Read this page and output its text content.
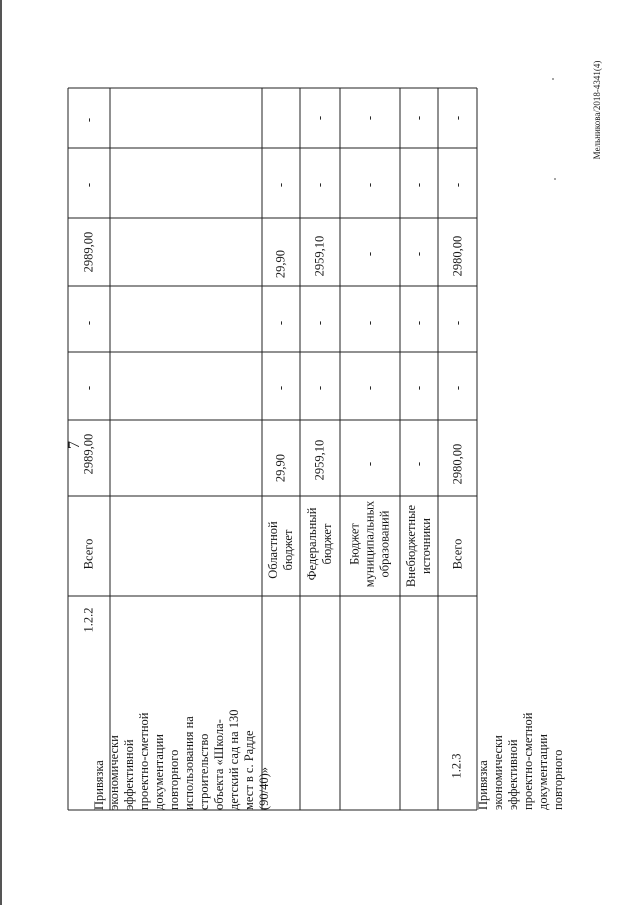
7
Мельникова/2018-4341(4)
1.2.2
Привязка экономически эффективной проектно-сметной документации повторного использования на строительство объекта «Школа- детский сад на 130 мест в с. Радде (90/40)»
Всего
2989,00
-
-
2989,00
-
-
Областной бюджет
29,90
-
-
29,90
-
Федеральный бюджет
2959,10
-
-
2959,10
-
-
Бюджет муниципальных образований
-
-
-
-
-
-
Внебюджетные источники
-
-
-
-
-
-
1.2.3 Привязка экономически эффективной проектно-сметной документации повторного
Всего
2980,00
-
-
2980,00
-
-
